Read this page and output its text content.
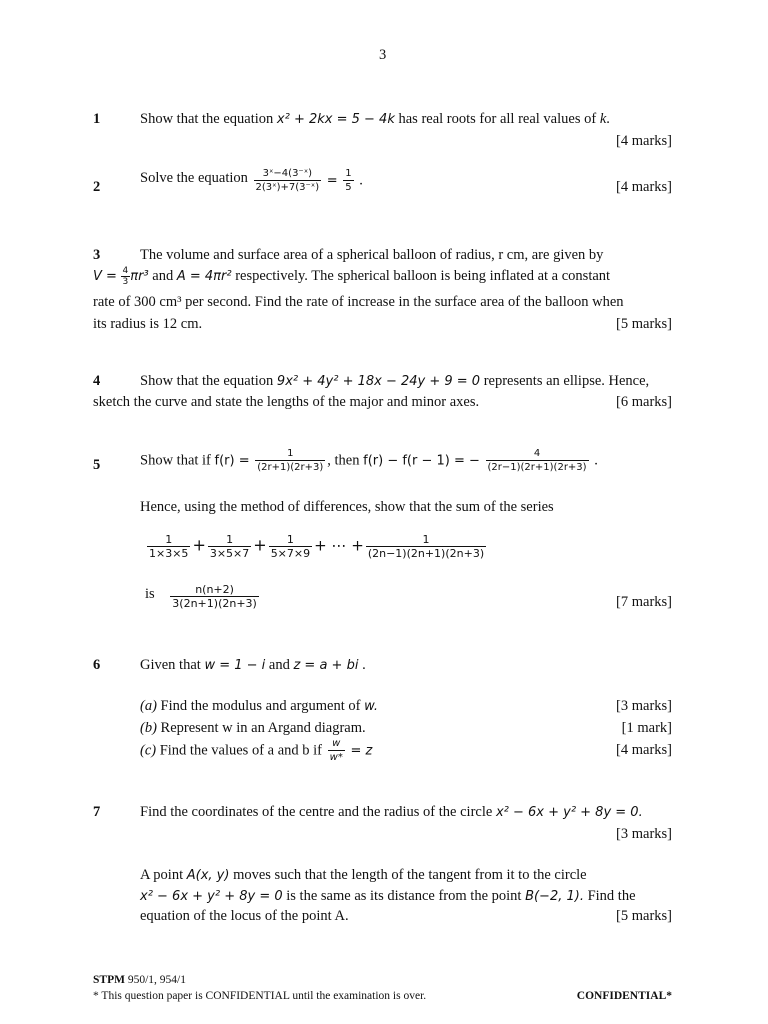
3
1	Show that the equation x² + 2kx = 5 − 4k has real roots for all real values of k.
[4 marks]
2
Solve the equation $\frac{\text{3ˣ−4(3⁻ˣ)}}{\text{2(3ˣ)+7(3⁻ˣ)}} = \frac{1}{5}$ .	[4 marks]
3	The volume and surface area of a spherical balloon of radius, r cm, are given by
$V = \frac{4}{3} \pi r^3$ and A = 4πr² respectively. The spherical balloon is being inflated at a constant
rate of 300 cm³ per second. Find the rate of increase in the surface area of the balloon when
its radius is 12 cm.	[5 marks]
4	Show that the equation 9x² + 4y² + 18x − 24y + 9 = 0 represents an ellipse. Hence,
sketch the curve and state the lengths of the major and minor axes.	[6 marks]
5	Show that if $f(r) = \frac{1}{(2r+1)(2r+3)}$ , then f(r) − f(r − 1) = − $\frac{4}{(2r-1)(2r+1)(2r+3)}$ .
Hence, using the method of differences, show that the sum of the series
$\frac{1}{1\times 3\times 5} + \frac{1}{3\times 5\times 7} + \frac{1}{5\times 7\times 9}$ + ⋯ + $\frac{1}{(2n-1)(2n+1)(2n+3)}$
is $\frac{n(n+2)}{3(2n+1)(2n+3)}$	[7 marks]
6	Given that w = 1 − i and z = a + bi .
(a) Find the modulus and argument of w.	[3 marks]
(b) Represent w in an Argand diagram.	[1 mark]
(c) Find the values of a and b if $\frac{w}{w*} = z$	[4 marks]
7	Find the coordinates of the centre and the radius of the circle x² − 6x + y² + 8y = 0.
[3 marks]
A point A(x, y) moves such that the length of the tangent from it to the circle
x² − 6x + y² + 8y = 0 is the same as its distance from the point B(−2, 1). Find the
equation of the locus of the point A.	[5 marks]
STPM 950/1, 954/1
* This question paper is CONFIDENTIAL until the examination is over.	CONFIDENTIAL*
